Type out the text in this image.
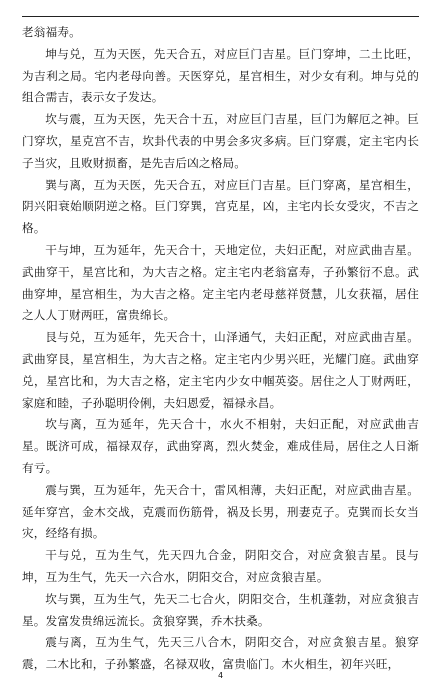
老翁福寿。

坤与兑，互为天医，先天合五，对应巨门吉星。巨门穿坤，二土比旺，为吉利之局。宅内老母向善。天医穿兑，星宫相生，对少女有利。坤与兑的组合需吉，表示女子发达。

坎与震，互为天医，先天合十五，对应巨门吉星，巨门为解厄之神。巨门穿坎，星克宫不吉，坎卦代表的中男会多灾多病。巨门穿震，定主宅内长子当灾，且败财损畜，是先吉后凶之格局。

巽与离，互为天医，先天合五，对应巨门吉星。巨门穿离，星宫相生，阴兴阳衰始顺阴逆之格。巨门穿巽，宫克星，凶，主宅内长女受灾，不吉之格。

干与坤，互为延年，先天合十，天地定位，夫妇正配，对应武曲吉星。武曲穿干，星宫比和，为大吉之格。定主宅内老翁富寿，子孙繁衍不息。武曲穿坤，星宫相生，为大吉之格。定主宅内老母慈祥贤慧，儿女获福，居住之人人丁财两旺，富贵绵长。

艮与兑，互为延年，先天合十，山泽通气，夫妇正配，对应武曲吉星。武曲穿艮，星宫相生，为大吉之格。定主宅内少男兴旺，光耀门庭。武曲穿兑，星宫比和，为大吉之格，定主宅内少女中帼英姿。居住之人丁财两旺，家庭和睦，子孙聪明伶俐，夫妇恩爱，福禄永昌。

坎与离，互为延年，先天合十，水火不相射，夫妇正配，对应武曲吉星。既济可成，福禄双存，武曲穿离，烈火焚金，难成佳局，居住之人日渐有亏。

震与巽，互为延年，先天合十，雷风相薄，夫妇正配，对应武曲吉星。延年穿宫，金木交战，克震而伤筋骨，祸及长男，刑妻克子。克巽而长女当灾，经络有损。

干与兑，互为生气，先天四九合金，阴阳交合，对应贪狼吉星。艮与坤，互为生气，先天一六合水，阴阳交合，对应贪狼吉星。

坎与巽，互为生气，先天二七合火，阴阳交合，生机蓬勃，对应贪狼吉星。发富发贵绵远流长。贪狼穿巽，乔木扶桑。

震与离，互为生气，先天三八合木，阴阳交合，对应贪狼吉星。狼穿震，二木比和，子孙繁盛，名禄双收，富贵临门。木火相生，初年兴旺，

4
